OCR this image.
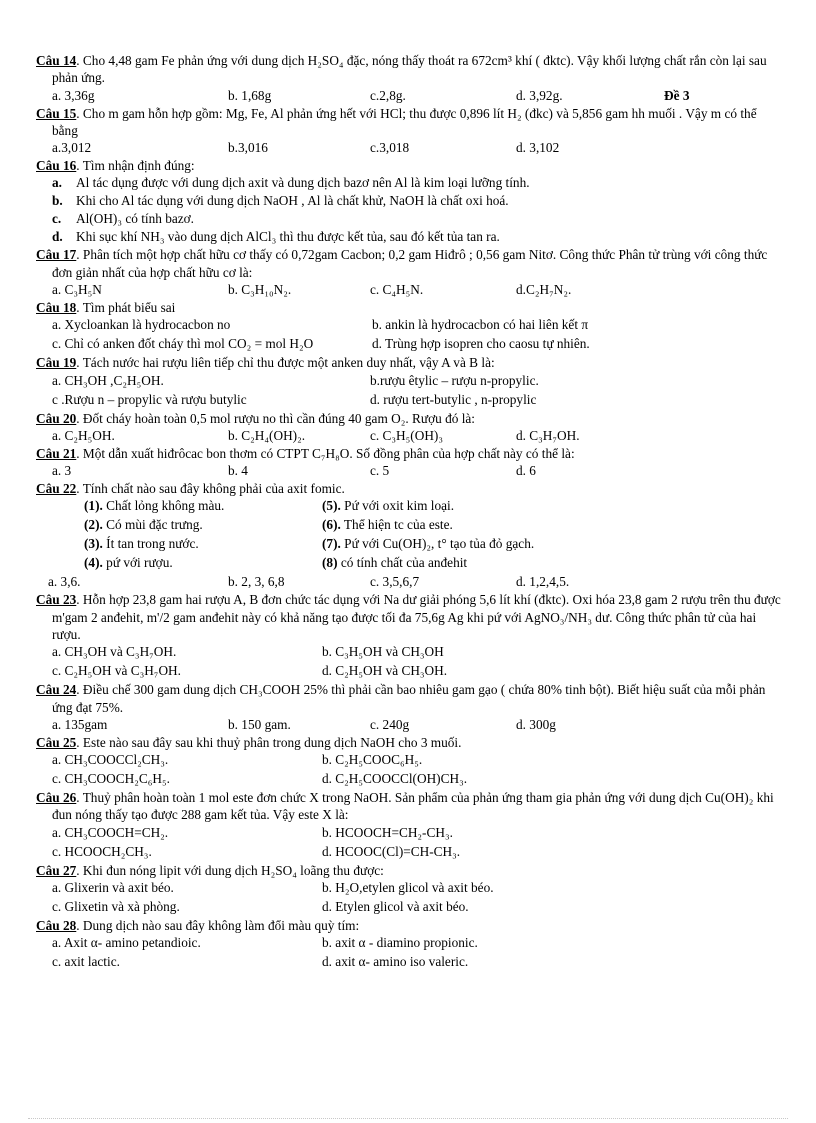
Câu 14. Cho 4,48 gam Fe phản ứng với dung dịch H₂SO₄ đặc, nóng thấy thoát ra 672cm³ khí ( đktc). Vậy khối lượng chất rắn còn lại sau phản ứng.
a. 3,36g	b. 1,68g	c.2,8g.	d. 3,92g.	Đề 3
Câu 15. Cho m gam hỗn hợp gồm: Mg, Fe, Al phản ứng hết với HCl; thu được 0,896 lít H₂ (đkc) và 5,856 gam hh muối . Vậy m có thể bằng
a.3,012	b.3,016	c.3,018	d. 3,102
Câu 16. Tìm nhận định đúng:
a. Al tác dụng được với dung dịch axit và dung dịch bazơ nên Al là kim loại lưỡng tính.
b. Khi cho Al tác dụng với dung dịch NaOH , Al là chất khử, NaOH là chất oxi hoá.
c. Al(OH)₃ có tính bazơ.
d. Khi sục khí NH₃ vào dung dịch AlCl₃ thì thu được kết tủa, sau đó kết tủa tan ra.
Câu 17. Phân tích một hợp chất hữu cơ thấy có 0,72gam Cacbon; 0,2 gam Hiđrô ; 0,56 gam Nitơ. Công thức Phân tử trùng với công thức đơn giản nhất của hợp chất hữu cơ là:
a. C₃H₅N	b. C₃H₁₀N₂.	c. C₄H₅N.	d.C₂H₇N₂.
Câu 18. Tìm phát biểu sai
a. Xycloankan là hydrocacbon no	b. ankin là hydrocacbon có hai liên kết π
c. Chỉ có anken đốt cháy thì mol CO₂ = mol H₂O	d. Trùng hợp isopren cho caosu tự nhiên.
Câu 19. Tách nước hai rượu liên tiếp chỉ thu được một anken duy nhất, vậy A và B là:
a. CH₃OH ,C₂H₅OH.	b.rượu êtylic – rượu n-propylic.
c .Rượu n – propylic và rượu butylic	d. rượu tert-butylic , n-propylic
Câu 20. Đốt cháy hoàn toàn 0,5 mol rượu no thì cần đúng 40 gam O₂. Rượu đó là:
a. C₂H₅OH.	b. C₂H₄(OH)₂.	c. C₃H₅(OH)₃	d. C₃H₇OH.
Câu 21. Một dẫn xuất hiđrôcac bon thơm có CTPT C₇H₈O. Số đồng phân của hợp chất này có thể là:
a. 3	b. 4	c. 5	d. 6
Câu 22. Tính chất nào sau đây không phải của axit fomic.
(1). Chất lỏng không màu.	(5). Pứ với oxit kim loại.
(2). Có mùi đặc trưng.	(6). Thể hiện tc của este.
(3). Ít tan trong nước.	(7). Pứ với Cu(OH)₂, t° tạo tủa đỏ gạch.
(4). pứ với rượu.	(8) có tính chất của anđehit
a. 3,6.	b. 2, 3, 6,8	c. 3,5,6,7	d. 1,2,4,5.
Câu 23. Hỗn hợp 23,8 gam hai rượu A, B đơn chức tác dụng với Na dư giải phóng 5,6 lít khí (đktc). Oxi hóa 23,8 gam 2 rượu trên thu được m'gam 2 anđehit, m'/2 gam anđehit này có khả năng tạo được tối đa 75,6g Ag khi pứ với AgNO₃/NH₃ dư. Công thức phân tử của hai rượu.
a. CH₃OH và C₃H₇OH.	b. C₃H₅OH và CH₃OH
c. C₂H₅OH và C₃H₇OH.	d. C₂H₅OH và CH₃OH.
Câu 24. Điều chế 300 gam dung dịch CH₃COOH 25% thì phải cần bao nhiêu gam gạo ( chứa 80% tinh bột). Biết hiệu suất của mỗi phản ứng đạt 75%.
a. 135gam	b. 150 gam.	c. 240g	d. 300g
Câu 25. Este nào sau đây sau khi thuỷ phân trong dung dịch NaOH cho 3 muối.
a. CH₃COOCCl₂CH₃.	b. C₂H₅COOC₆H₅.
c. CH₃COOCH₂C₆H₅.	d. C₂H₅COOCCl(OH)CH₃.
Câu 26. Thuỷ phân hoàn toàn 1 mol este đơn chức X trong NaOH. Sản phẩm của phản ứng tham gia phản ứng với dung dịch Cu(OH)₂ khi đun nóng thấy tạo được 288 gam kết tủa. Vậy este X là:
a. CH₃COOCH=CH₂.	b. HCOOCH=CH₂-CH₃.
c. HCOOCH₂CH₃.	d. HCOOC(Cl)=CH-CH₃.
Câu 27. Khi đun nóng lipit với dung dịch H₂SO₄ loãng thu được:
a. Glixerin và axit béo.	b. H₂O,etylen glicol và axit béo.
c. Glixetin và xà phòng.	d. Etylen glicol và axit béo.
Câu 28. Dung dịch nào sau đây không làm đổi màu quỳ tím:
a. Axit α- amino petandioic.	b. axit α - diamino propionic.
c. axit lactic.	d. axit α- amino iso valeric.
